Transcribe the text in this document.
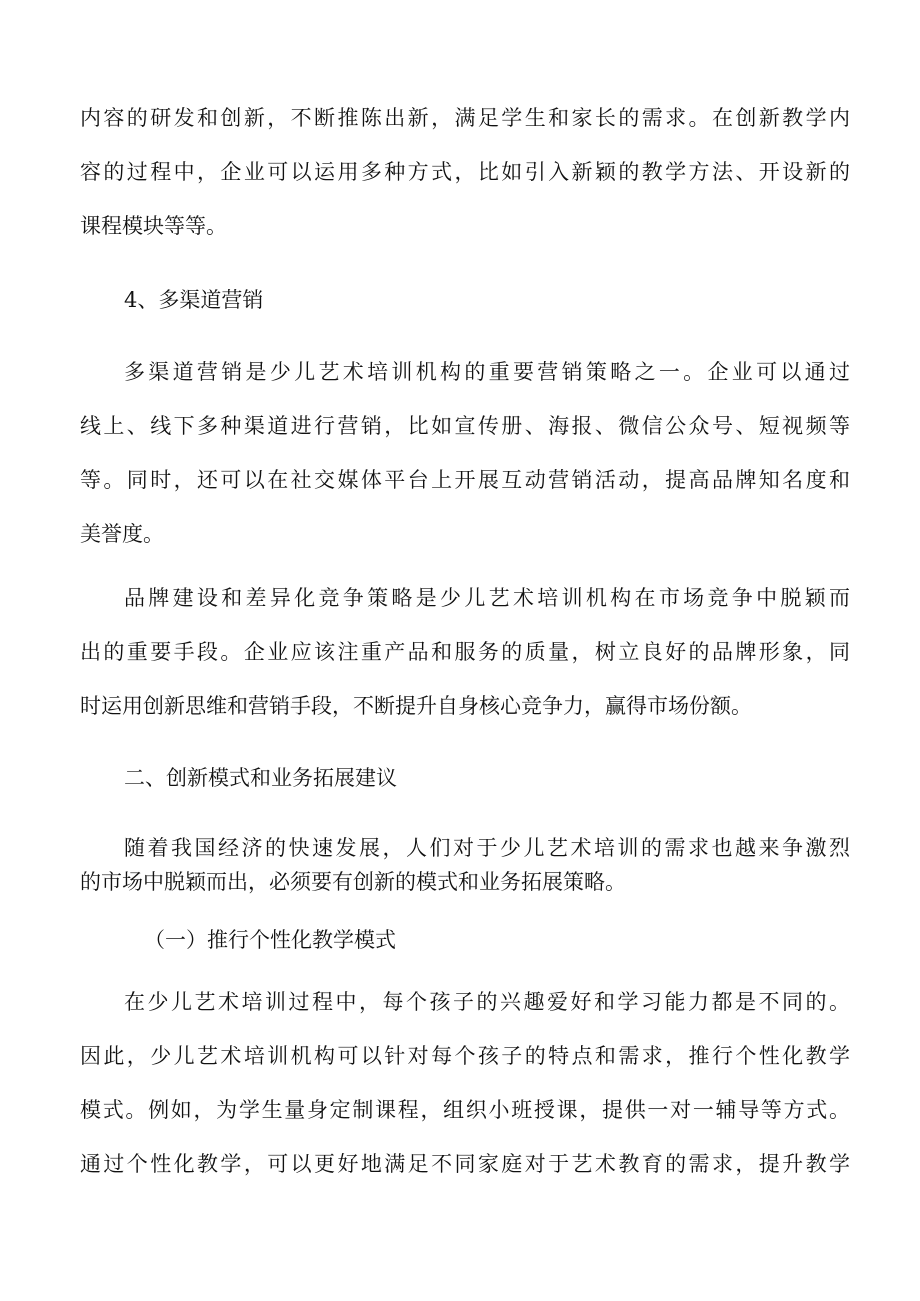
内容的研发和创新，不断推陈出新，满足学生和家长的需求。在创新教学内
容的过程中，企业可以运用多种方式，比如引入新颖的教学方法、开设新的
课程模块等等。
4、多渠道营销
多渠道营销是少儿艺术培训机构的重要营销策略之一。企业可以通过
线上、线下多种渠道进行营销，比如宣传册、海报、微信公众号、短视频等
等。同时，还可以在社交媒体平台上开展互动营销活动，提高品牌知名度和
美誉度。
品牌建设和差异化竞争策略是少儿艺术培训机构在市场竞争中脱颖而
出的重要手段。企业应该注重产品和服务的质量，树立良好的品牌形象，同
时运用创新思维和营销手段，不断提升自身核心竞争力，赢得市场份额。
二、创新模式和业务拓展建议
随着我国经济的快速发展，人们对于少儿艺术培训的需求也越来争激烈
的市场中脱颖而出，必须要有创新的模式和业务拓展策略。
（一）推行个性化教学模式
在少儿艺术培训过程中，每个孩子的兴趣爱好和学习能力都是不同的。
因此，少儿艺术培训机构可以针对每个孩子的特点和需求，推行个性化教学
模式。例如，为学生量身定制课程，组织小班授课，提供一对一辅导等方式。
通过个性化教学，可以更好地满足不同家庭对于艺术教育的需求，提升教学
